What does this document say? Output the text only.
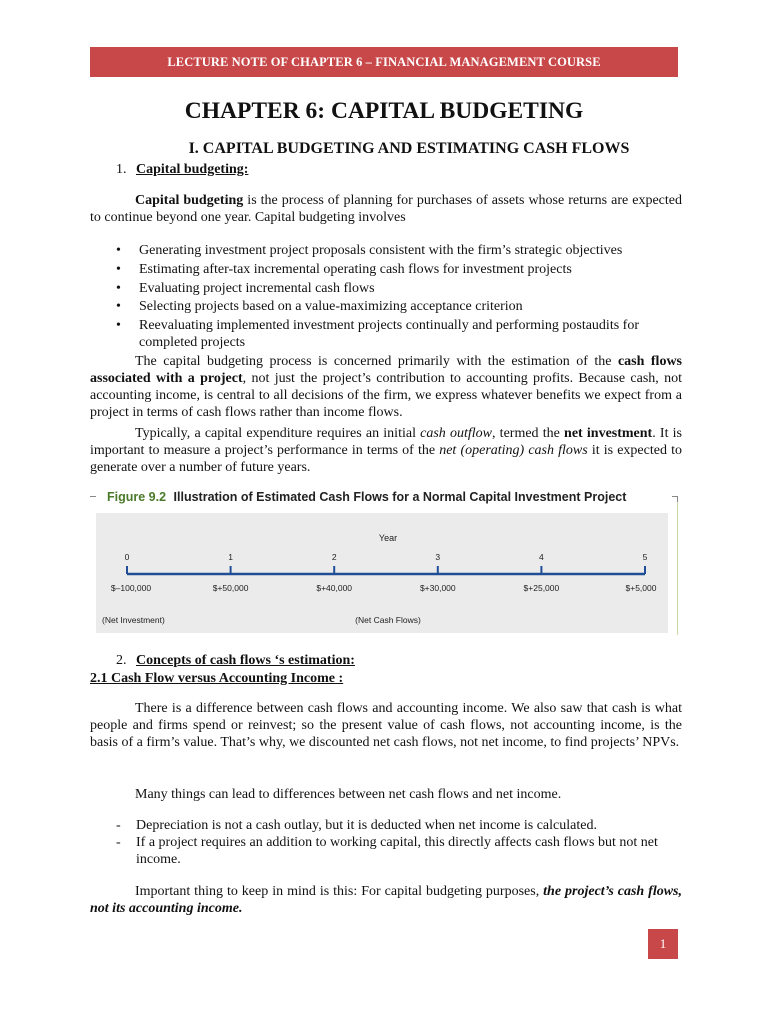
LECTURE NOTE OF CHAPTER 6 – FINANCIAL MANAGEMENT COURSE
CHAPTER 6: CAPITAL BUDGETING
I. CAPITAL BUDGETING AND ESTIMATING CASH FLOWS
1. Capital budgeting:

Capital budgeting is the process of planning for purchases of assets whose returns are expected to continue beyond one year. Capital budgeting involves

• Generating investment project proposals consistent with the firm’s strategic objectives
• Estimating after-tax incremental operating cash flows for investment projects
• Evaluating project incremental cash flows
• Selecting projects based on a value-maximizing acceptance criterion
• Reevaluating implemented investment projects continually and performing postaudits for completed projects

The capital budgeting process is concerned primarily with the estimation of the cash flows associated with a project, not just the project’s contribution to accounting profits. Because cash, not accounting income, is central to all decisions of the firm, we express whatever benefits we expect from a project in terms of cash flows rather than income flows.

Typically, a capital expenditure requires an initial cash outflow, termed the net investment. It is important to measure a project’s performance in terms of the net (operating) cash flows it is expected to generate over a number of future years.

Figure 9.2 Illustration of Estimated Cash Flows for a Normal Capital Investment Project
Year
0
$–100,000
1
$+50,000
2
$+40,000
3
$+30,000
4
$+25,000
5
$+5,000
(Net Investment)	(Net Cash Flows)
2. Concepts of cash flows ‘s estimation:
2.1 Cash Flow versus Accounting Income :

There is a difference between cash flows and accounting income. We also saw that cash is what people and firms spend or reinvest; so the present value of cash flows, not accounting income, is the basis of a firm’s value. That’s why, we discounted net cash flows, not net income, to find projects’ NPVs.

Many things can lead to differences between net cash flows and net income.

- Depreciation is not a cash outlay, but it is deducted when net income is calculated.
- If a project requires an addition to working capital, this directly affects cash flows but not net income.

Important thing to keep in mind is this: For capital budgeting purposes, the project’s cash flows, not its accounting income.

1
